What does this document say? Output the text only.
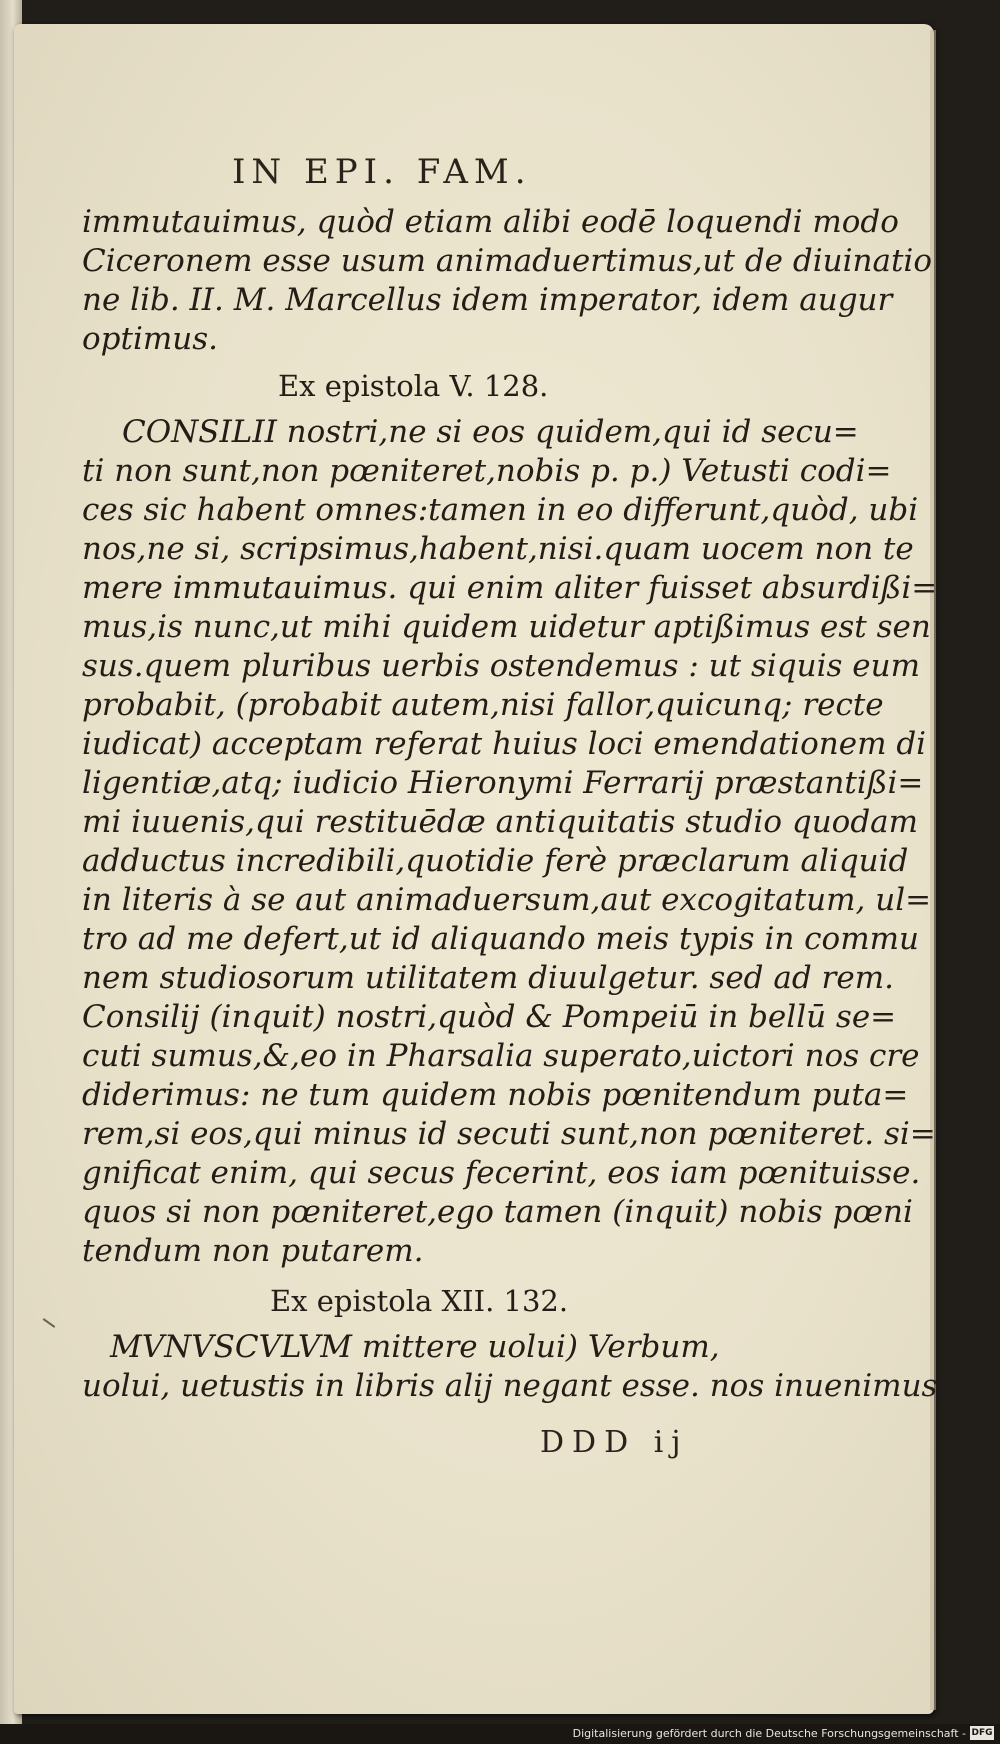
IN EPI. FAM.
immutauimus, quòd etiam alibi eodē loquendi modo
Ciceronem esse usum animaduertimus,ut de diuinatio
ne lib. II. M. Marcellus idem imperator, idem augur
optimus.
Ex epistola V. 128.
CONSILII nostri,ne si eos quidem,qui id secu=
ti non sunt,non pœniteret,nobis p. p.) Vetusti codi=
ces sic habent omnes:tamen in eo differunt,quòd, ubi
nos,ne si, scripsimus,habent,nisi.quam uocem non te
mere immutauimus. qui enim aliter fuisset absurdißi=
mus,is nunc,ut mihi quidem uidetur aptißimus est sen
sus.quem pluribus uerbis ostendemus : ut siquis eum
probabit, (probabit autem,nisi fallor,quicunq; recte
iudicat) acceptam referat huius loci emendationem di
ligentiæ,atq; iudicio Hieronymi Ferrarij præstantißi=
mi iuuenis,qui restituēdæ antiquitatis studio quodam
adductus incredibili,quotidie ferè præclarum aliquid
in literis à se aut animaduersum,aut excogitatum, ul=
tro ad me defert,ut id aliquando meis typis in commu
nem studiosorum utilitatem diuulgetur. sed ad rem.
Consilij (inquit) nostri,quòd & Pompeiū in bellū se=
cuti sumus,&,eo in Pharsalia superato,uictori nos cre
diderimus: ne tum quidem nobis pœnitendum puta=
rem,si eos,qui minus id secuti sunt,non pœniteret. si=
gnificat enim, qui secus fecerint, eos iam pœnituisse.
quos si non pœniteret,ego tamen (inquit) nobis pœni
tendum non putarem.
Ex epistola XII. 132.
MVNVSCVLVM mittere uolui) Verbum,
uolui, uetustis in libris alij negant esse. nos inuenimus
DDD ij
Digitalisierung gefördert durch die Deutsche Forschungsgemeinschaft - DFG
